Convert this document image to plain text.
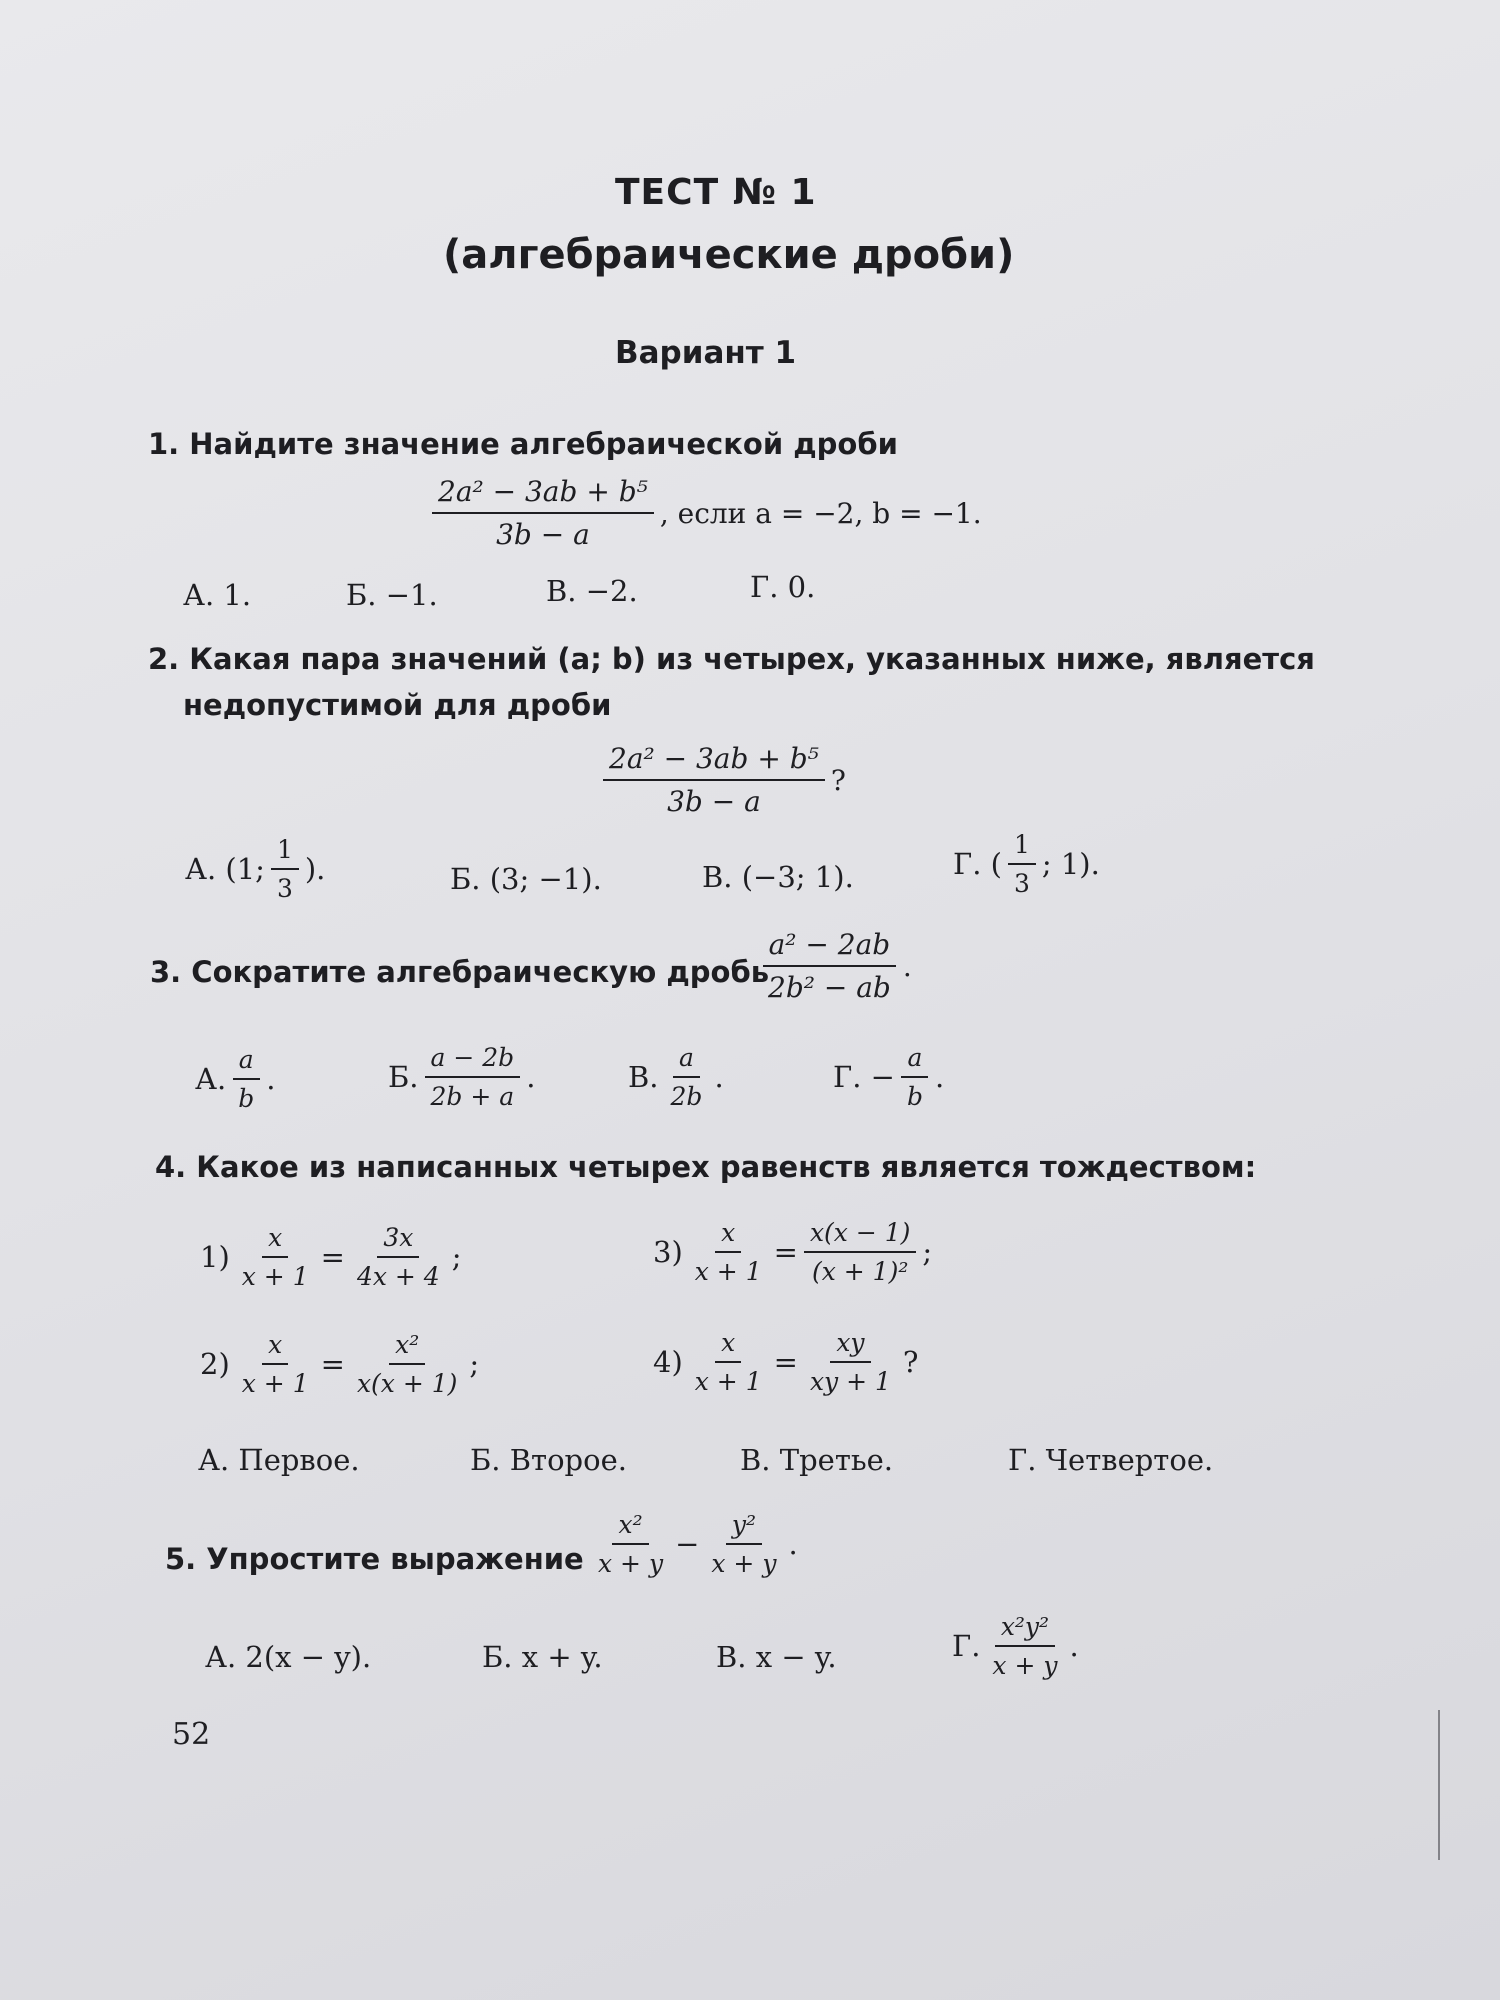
ТЕСТ № 1
(алгебраические дроби)
Вариант 1
1. Найдите значение алгебраической дроби
$\frac{\text{2a² − 3ab + b⁵}}{3b - a}$ , если a = −2, b = −1.
А. 1.	Б. −1.	В. −2.	Г. 0.
2. Какая пара значений (a; b) из четырех, указанных ниже, является
недопустимой для дроби
$\frac{\text{2a² − 3ab + b⁵}}{3b - a}$ ?
А. (1; $\frac{1}{3}$ ).	Б. (3; −1).	В. (−3; 1).	Г. ( $\frac{1}{3}$ ; 1).
3. Сократите алгебраическую дробь
$\frac{\text{a² − 2ab}}{\text{2b² − ab}}$ .
А. $\frac{a}{b}$ .	Б. $\frac{a - 2b}{2b + a}$ .	В. $\frac{a}{2b}$ .	Г. − $\frac{a}{b}$ .
4. Какое из написанных четырех равенств является тождеством:
$1) \frac{x}{x + 1} = \frac{3x}{4x + 4}$ ;	$3) \frac{x}{x + 1} = \frac{x(x - 1)}{\text{(x + 1)²}}$ ;
$2) \frac{x}{x + 1} = \frac{\text{x²}}{x(x + 1)}$ ;	$4) \frac{x}{x + 1} = \frac{xy}{xy + 1}$ ?
А. Первое.	Б. Второе.	В. Третье.	Г. Четвертое.
5. Упростите выражение $\frac{\text{x²}}{x + y} - \frac{\text{y²}}{x + y}$ .
А. 2(x − y).	Б. x + y.	В. x − y.	Г. $\frac{\text{x²y²}}{x + y}$ .
52
